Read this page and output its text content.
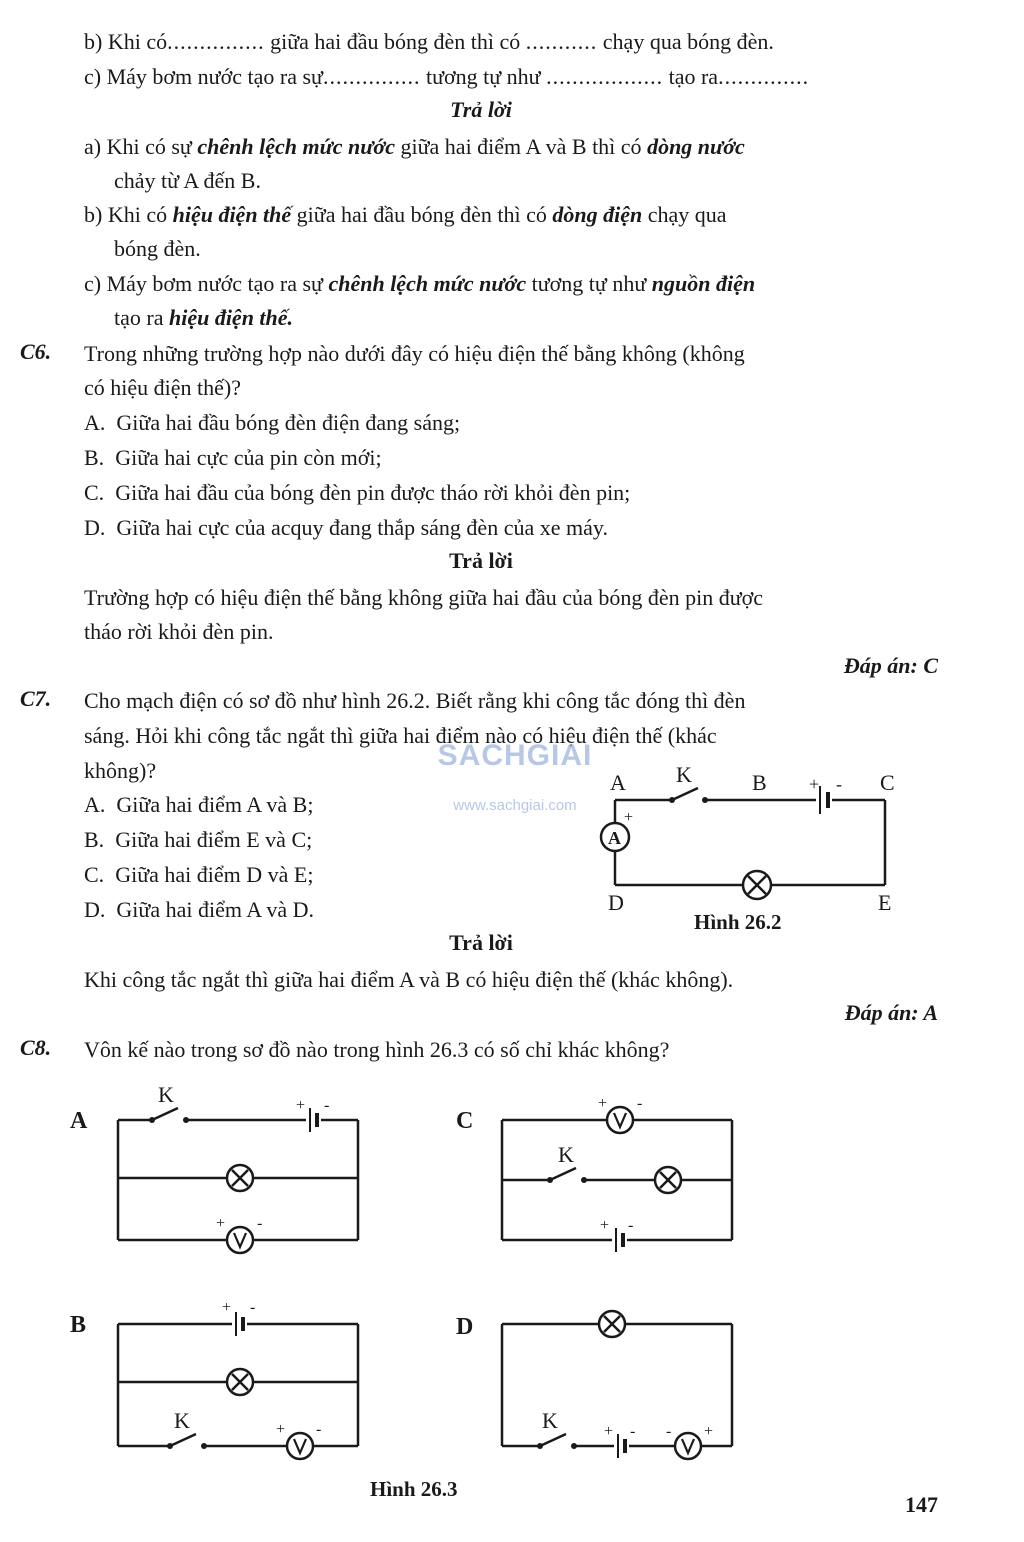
b) Khi có............... giữa hai đầu bóng đèn thì có ........... chạy qua bóng đèn.
c) Máy bơm nước tạo ra sự............... tương tự như .................. tạo ra..............
Trả lời
a) Khi có sự chênh lệch mức nước giữa hai điểm A và B thì có dòng nước
chảy từ A đến B.
b) Khi có hiệu điện thế giữa hai đầu bóng đèn thì có dòng điện chạy qua
bóng đèn.
c) Máy bơm nước tạo ra sự chênh lệch mức nước tương tự như nguồn điện
tạo ra hiệu điện thế.
C6. Trong những trường hợp nào dưới đây có hiệu điện thế bằng không (không
có hiệu điện thế)?
A. Giữa hai đầu bóng đèn điện đang sáng;
B. Giữa hai cực của pin còn mới;
C. Giữa hai đầu của bóng đèn pin được tháo rời khỏi đèn pin;
D. Giữa hai cực của acquy đang thắp sáng đèn của xe máy.
Trả lời
Trường hợp có hiệu điện thế bằng không giữa hai đầu của bóng đèn pin được
tháo rời khỏi đèn pin.
Đáp án: C
C7. Cho mạch điện có sơ đồ như hình 26.2. Biết rằng khi công tắc đóng thì đèn
sáng. Hỏi khi công tắc ngắt thì giữa hai điểm nào có hiệu điện thế (khác
không)?
A. Giữa hai điểm A và B;
B. Giữa hai điểm E và C;
C. Giữa hai điểm D và E;
D. Giữa hai điểm A và D.
A K	B + - C
A
+
D	E
Hình 26.2
Trả lời
Khi công tắc ngắt thì giữa hai điểm A và B có hiệu điện thế (khác không).
Đáp án: A
C8. Vôn kế nào trong sơ đồ nào trong hình 26.3 có số chỉ khác không?
A
K	+ -
+ -
C
+ -
K
+ -
B
+ -
K	+ -
D
K	+ - - +
Hình 26.3
SACHGIAI
www.sachgiai.com
147
